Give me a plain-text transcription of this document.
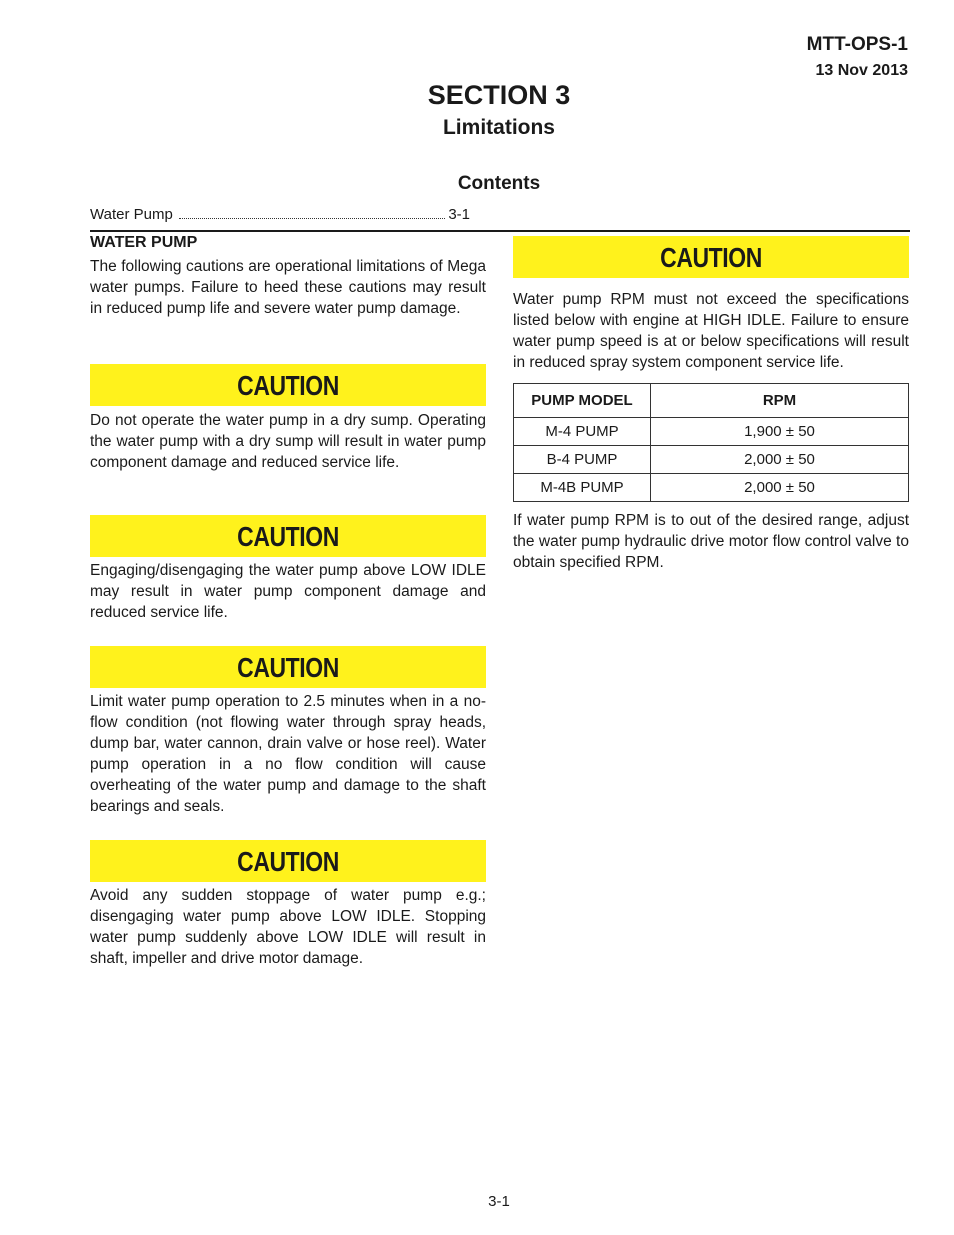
MTT-OPS-1
13 Nov 2013
SECTION 3
Limitations
Contents
Water Pump	3-1
WATER PUMP

The following cautions are operational limitations of Mega water pumps. Failure to heed these cautions may result in reduced pump life and severe water pump damage.

CAUTION

Do not operate the water pump in a dry sump. Operating the water pump with a dry sump will result in water pump component damage and reduced service life.

CAUTION

Engaging/disengaging the water pump above LOW IDLE may result in water pump component damage and reduced service life.

CAUTION

Limit water pump operation to 2.5 minutes when in a no-flow condition (not flowing water through spray heads, dump bar, water cannon, drain valve or hose reel). Water pump operation in a no flow condition will cause overheating of the water pump and damage to the shaft bearings and seals.

CAUTION

Avoid any sudden stoppage of water pump e.g.; disengaging water pump above LOW IDLE. Stopping water pump suddenly above LOW IDLE will result in shaft, impeller and drive motor damage.

CAUTION

Water pump RPM must not exceed the specifications listed below with engine at HIGH IDLE. Failure to ensure water pump speed is at or below specifications will result in reduced spray system component service life.

PUMP MODEL	RPM
M-4 PUMP	1,900 ± 50
B-4 PUMP	2,000 ± 50
M-4B PUMP	2,000 ± 50

If water pump RPM is to out of the desired range, adjust the water pump hydraulic drive motor flow control valve to obtain specified RPM.

3-1
